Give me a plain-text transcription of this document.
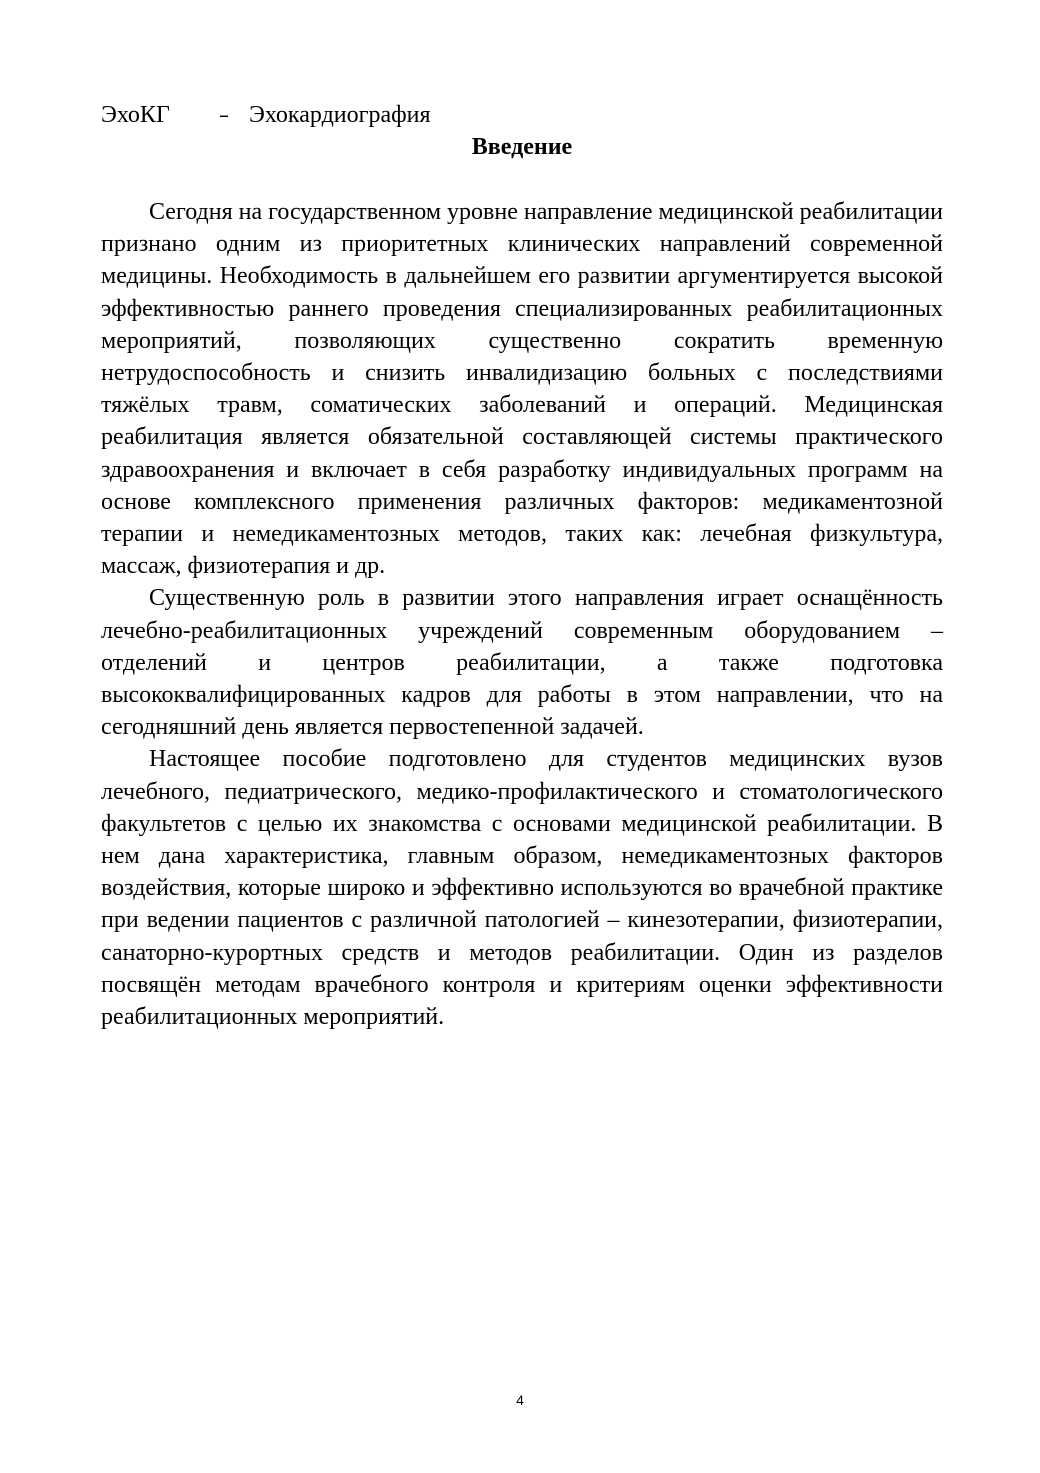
ЭхоКГ – Эхокардиография
Введение

Сегодня на государственном уровне направление медицинской реабилитации признано одним из приоритетных клинических направлений современной медицины. Необходимость в дальнейшем его развитии аргументируется высокой эффективностью раннего проведения специализированных реабилитационных мероприятий, позволяющих существенно сократить временную нетрудоспособность и снизить инвалидизацию больных с последствиями тяжёлых травм, соматических заболеваний и операций. Медицинская реабилитация является обязательной составляющей системы практического здравоохранения и включает в себя разработку индивидуальных программ на основе комплексного применения различных факторов: медикаментозной терапии и немедикаментозных методов, таких как: лечебная физкультура, массаж, физиотерапия и др.

Существенную роль в развитии этого направления играет оснащённость лечебно-реабилитационных учреждений современным оборудованием – отделений и центров реабилитации, а также подготовка высококвалифицированных кадров для работы в этом направлении, что на сегодняшний день является первостепенной задачей.

Настоящее пособие подготовлено для студентов медицинских вузов лечебного, педиатрического, медико-профилактического и стоматологического факультетов с целью их знакомства с основами медицинской реабилитации. В нем дана характеристика, главным образом, немедикаментозных факторов воздействия, которые широко и эффективно используются во врачебной практике при ведении пациентов с различной патологией – кинезотерапии, физиотерапии, санаторно-курортных средств и методов реабилитации. Один из разделов посвящён методам врачебного контроля и критериям оценки эффективности реабилитационных мероприятий.

4
